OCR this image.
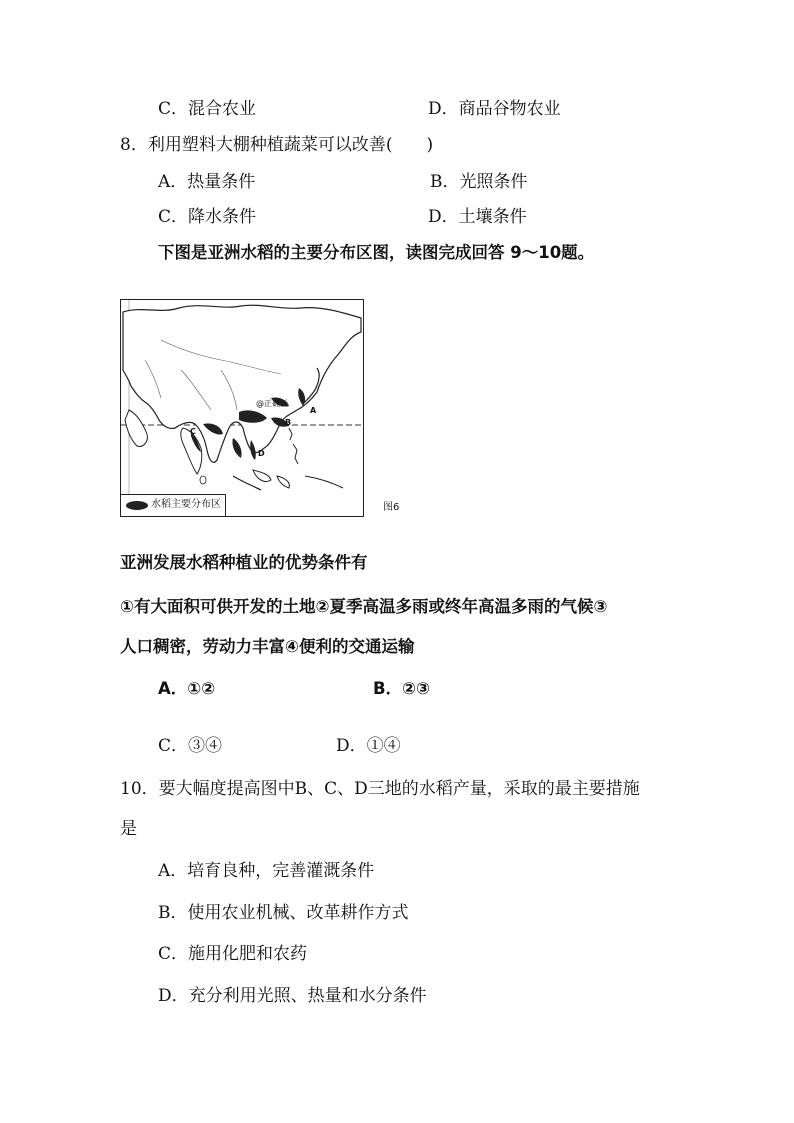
C．混合农业	D．商品谷物农业
8．利用塑料大棚种植蔬菜可以改善(　　)
A．热量条件	B．光照条件
C．降水条件	D．土壤条件
下图是亚洲水稻的主要分布区图，读图完成回答 9～10题。
@正确云
A
B
C
D
水稻主要分布区	图6
亚洲发展水稻种植业的优势条件有
①有大面积可供开发的土地②夏季高温多雨或终年高温多雨的气候③
人口稠密，劳动力丰富④便利的交通运输
A．①②	B．②③
C．③④	D．①④
10．要大幅度提高图中B、C、D三地的水稻产量，采取的最主要措施
是
A．培育良种，完善灌溉条件
B．使用农业机械、改革耕作方式
C．施用化肥和农药
D．充分利用光照、热量和水分条件
